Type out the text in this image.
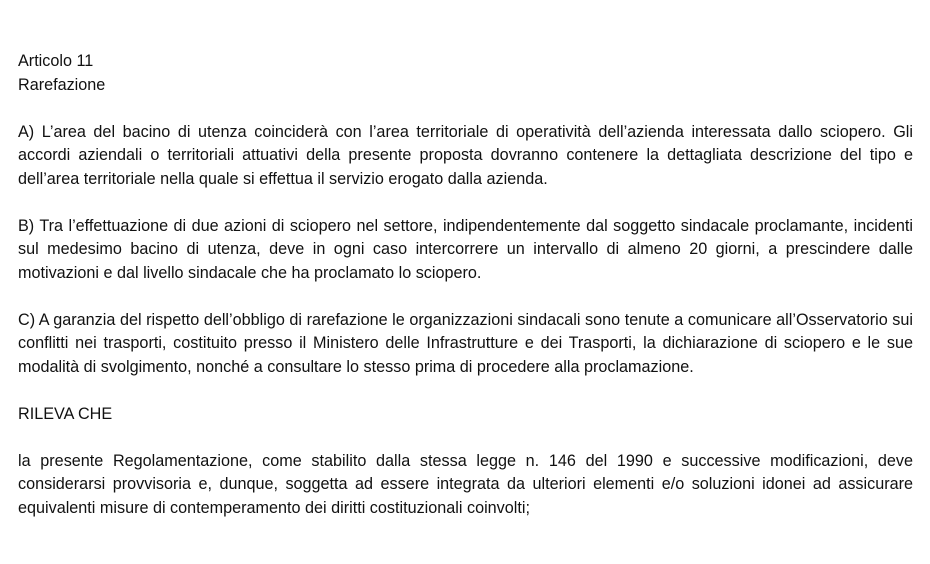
Articolo 11
Rarefazione

A) L’area del bacino di utenza coinciderà con l’area territoriale di operatività dell’azienda interessata dallo sciopero. Gli accordi aziendali o territoriali attuativi della presente proposta dovranno contenere la dettagliata descrizione del tipo e dell’area territoriale nella quale si effettua il servizio erogato dalla azienda.

B) Tra l’effettuazione di due azioni di sciopero nel settore, indipendentemente dal soggetto sindacale proclamante, incidenti sul medesimo bacino di utenza, deve in ogni caso intercorrere un intervallo di almeno 20 giorni, a prescindere dalle motivazioni e dal livello sindacale che ha proclamato lo sciopero.

C) A garanzia del rispetto dell’obbligo di rarefazione le organizzazioni sindacali sono tenute a comunicare all’Osservatorio sui conflitti nei trasporti, costituito presso il Ministero delle Infrastrutture e dei Trasporti, la dichiarazione di sciopero e le sue modalità di svolgimento, nonché a consultare lo stesso prima di procedere alla proclamazione.

RILEVA CHE

la presente Regolamentazione, come stabilito dalla stessa legge n. 146 del 1990 e successive modificazioni, deve considerarsi provvisoria e, dunque, soggetta ad essere integrata da ulteriori elementi e/o soluzioni idonei ad assicurare equivalenti misure di contemperamento dei diritti costituzionali coinvolti;
